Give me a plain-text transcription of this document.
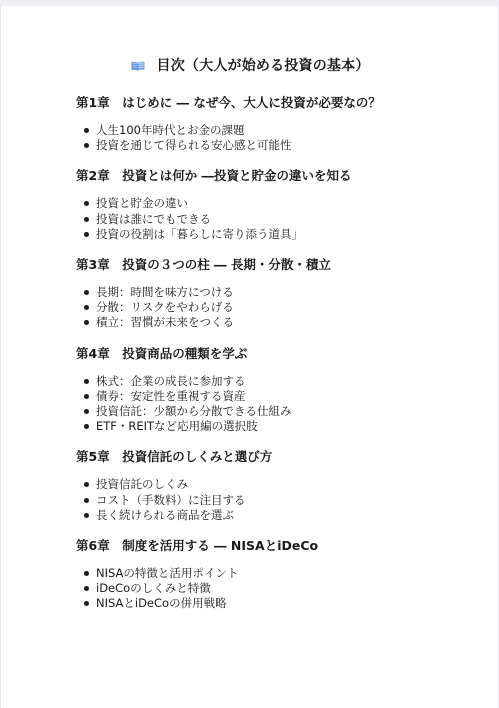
目次（大人が始める投資の基本）
第1章　はじめに ― なぜ今、大人に投資が必要なの？
人生100年時代とお金の課題
投資を通じて得られる安心感と可能性
第2章　投資とは何か ―投資と貯金の違いを知る
投資と貯金の違い
投資は誰にでもできる
投資の役割は「暮らしに寄り添う道具」
第3章　投資の３つの柱 ― 長期・分散・積立
長期：時間を味方につける
分散：リスクをやわらげる
積立：習慣が未来をつくる
第4章　投資商品の種類を学ぶ
株式：企業の成長に参加する
債券：安定性を重視する資産
投資信託：少額から分散できる仕組み
ETF・REITなど応用編の選択肢
第5章　投資信託のしくみと選び方
投資信託のしくみ
コスト（手数料）に注目する
長く続けられる商品を選ぶ
第6章　制度を活用する ― NISAとiDeCo
NISAの特徴と活用ポイント
iDeCoのしくみと特徴
NISAとiDeCoの併用戦略
